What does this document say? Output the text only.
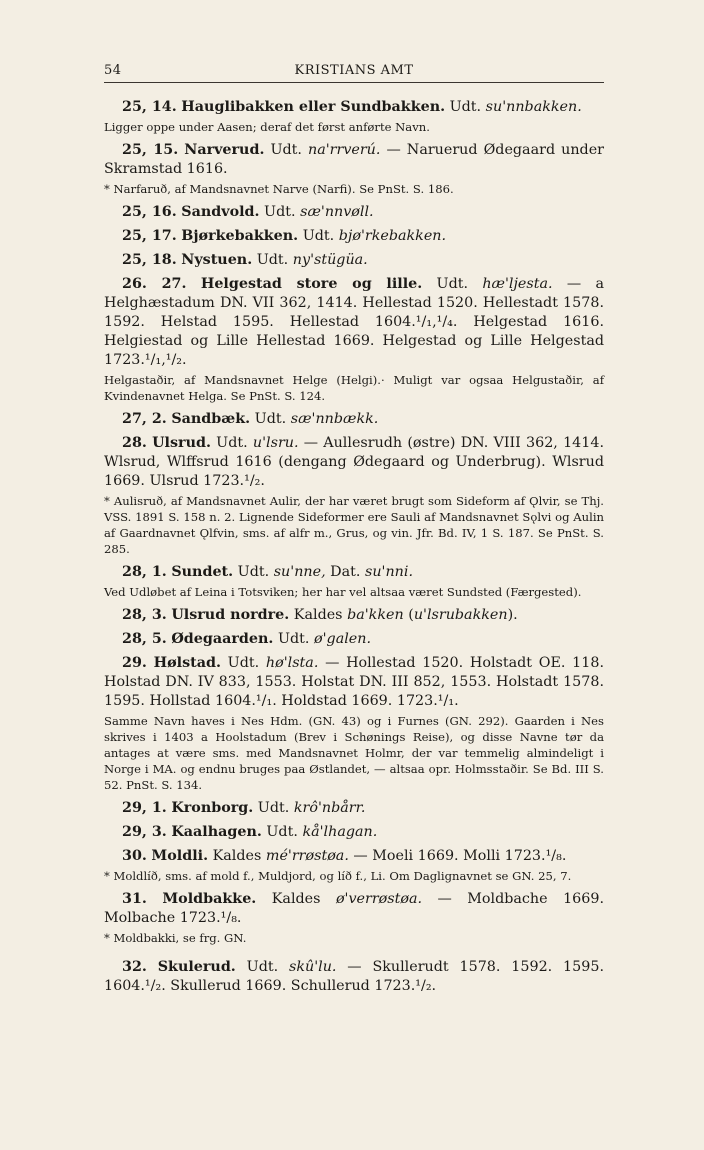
54	KRISTIANS AMT

25, 14. Hauglibakken eller Sundbakken. Udt. su'nnbakken.

Ligger oppe under Aasen; deraf det først anførte Navn.

25, 15. Narverud. Udt. na'rrverú. — Naruerud Ødegaard under Skramstad 1616.

* Narfaruð, af Mandsnavnet Narve (Narfi). Se PnSt. S. 186.

25, 16. Sandvold. Udt. sæ'nnvøll.

25, 17. Bjørkebakken. Udt. bjø'rkebakken.

25, 18. Nystuen. Udt. ny'stügüa.

26. 27. Helgestad store og lille. Udt. hæ'ljesta. — a Helghæstadum DN. VII 362, 1414. Hellestad 1520. Hellestadt 1578. 1592. Helstad 1595. Hellestad 1604.¹/₁,¹/₄. Helgestad 1616. Helgiestad og Lille Hellestad 1669. Helgestad og Lille Helgestad 1723.¹/₁,¹/₂.

Helgastaðir, af Mandsnavnet Helge (Helgi).· Muligt var ogsaa Helgustaðir, af Kvindenavnet Helga. Se PnSt. S. 124.

27, 2. Sandbæk. Udt. sæ'nnbækk.

28. Ulsrud. Udt. u'lsru. — Aullesrudh (østre) DN. VIII 362, 1414. Wlsrud, Wlffsrud 1616 (dengang Ødegaard og Underbrug). Wlsrud 1669. Ulsrud 1723.¹/₂.

* Aulisruð, af Mandsnavnet Aulir, der har været brugt som Sideform af Ǫlvir, se Thj. VSS. 1891 S. 158 n. 2. Lignende Sideformer ere Sauli af Mandsnavnet Sǫlvi og Aulin af Gaardnavnet Ǫlfvin, sms. af alfr m., Grus, og vin. Jfr. Bd. IV, 1 S. 187. Se PnSt. S. 285.

28, 1. Sundet. Udt. su'nne, Dat. su'nni.

Ved Udløbet af Leina i Totsviken; her har vel altsaa været Sundsted (Færgested).

28, 3. Ulsrud nordre. Kaldes ba'kken (u'lsrubakken).

28, 5. Ødegaarden. Udt. ø'galen.

29. Hølstad. Udt. hø'lsta. — Hollestad 1520. Holstadt OE. 118. Holstad DN. IV 833, 1553. Holstat DN. III 852, 1553. Holstadt 1578. 1595. Hollstad 1604.¹/₁. Holdstad 1669. 1723.¹/₁.

Samme Navn haves i Nes Hdm. (GN. 43) og i Furnes (GN. 292). Gaarden i Nes skrives i 1403 a Hoolstadum (Brev i Schønings Reise), og disse Navne tør da antages at være sms. med Mandsnavnet Holmr, der var temmelig almindeligt i Norge i MA. og endnu bruges paa Østlandet, — altsaa opr. Holmsstaðir. Se Bd. III S. 52. PnSt. S. 134.

29, 1. Kronborg. Udt. krô'nbårr.

29, 3. Kaalhagen. Udt. kå'lhagan.

30. Moldli. Kaldes mé'rrøstøa. — Moeli 1669. Molli 1723.¹/₈.

* Moldlíð, sms. af mold f., Muldjord, og líð f., Li. Om Daglignavnet se GN. 25, 7.

31. Moldbakke. Kaldes ø'verrøstøa. — Moldbache 1669. Molbache 1723.¹/₈.

* Moldbakki, se frg. GN.

32. Skulerud. Udt. skû'lu. — Skullerudt 1578. 1592. 1595. 1604.¹/₂. Skullerud 1669. Schullerud 1723.¹/₂.
